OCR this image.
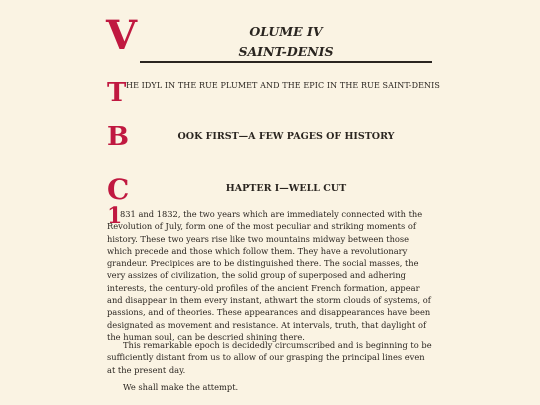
V	OLUME IV
SAINT-DENIS
T HE IDYL IN THE RUE PLUMET AND THE EPIC IN THE RUE SAINT-DENIS
B	OOK FIRST—A FEW PAGES OF HISTORY
C	HAPTER I—WELL CUT
1

831 and 1832, the two years which are immediately connected with the Revolution of July, form one of the most peculiar and striking moments of history. These two years rise like two mountains midway between those which precede and those which follow them. They have a revolutionary grandeur. Precipices are to be distinguished there. The social masses, the very assizes of civilization, the solid group of superposed and adhering interests, the century-old profiles of the ancient French formation, appear and disappear in them every instant, athwart the storm clouds of systems, of passions, and of theories. These appearances and disappearances have been designated as movement and resistance. At intervals, truth, that daylight of the human soul, can be descried shining there.

This remarkable epoch is decidedly circumscribed and is beginning to be sufficiently distant from us to allow of our grasping the principal lines even at the present day.

We shall make the attempt.
